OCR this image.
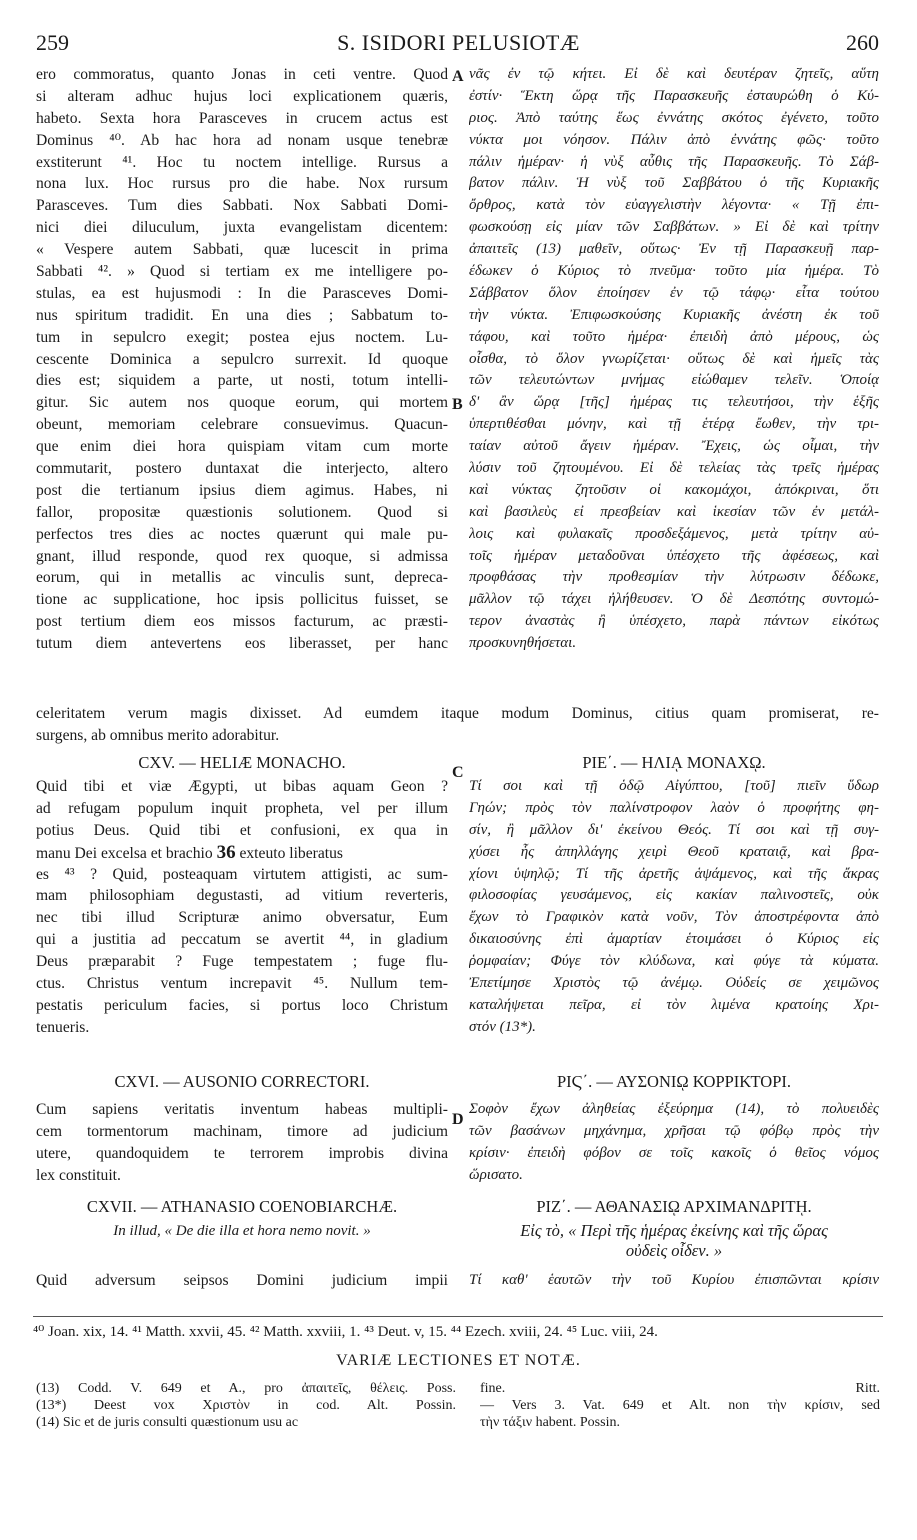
259	S. ISIDORI PELUSIOTÆ	260
ero commoratus, quanto Jonas in ceti ventre. Quod
si alteram adhuc hujus loci explicationem quæris,
habeto. Sexta hora Parasceves in crucem actus est
Dominus ⁴⁰. Ab hac hora ad nonam usque tenebræ
exstiterunt ⁴¹. Hoc tu noctem intellige. Rursus a
nona lux. Hoc rursus pro die habe. Nox rursum
Parasceves. Tum dies Sabbati. Nox Sabbati Domi-
nici diei diluculum, juxta evangelistam dicentem:
« Vespere autem Sabbati, quæ lucescit in prima
Sabbati ⁴². » Quod si tertiam ex me intelligere po-
stulas, ea est hujusmodi : In die Parasceves Domi-
nus spiritum tradidit. En una dies ; Sabbatum to-
tum in sepulcro exegit; postea ejus noctem. Lu-
cescente Dominica a sepulcro surrexit. Id quoque
dies est; siquidem a parte, ut nosti, totum intelli-
gitur. Sic autem nos quoque eorum, qui mortem
obeunt, memoriam celebrare consuevimus. Quacun-
que enim diei hora quispiam vitam cum morte
commutarit, postero duntaxat die interjecto, altero
post die tertianum ipsius diem agimus. Habes, ni
fallor, propositæ quæstionis solutionem. Quod si
perfectos tres dies ac noctes quærunt qui male pu-
gnant, illud responde, quod rex quoque, si admissa
eorum, qui in metallis ac vinculis sunt, depreca-
tione ac supplicatione, hoc ipsis pollicitus fuisset, se
post tertium diem eos missos facturum, ac præsti-
tutum diem antevertens eos liberasset, per hanc
νᾶς ἐν τῷ κήτει. Εἰ δὲ καὶ δευτέραν ζητεῖς, αὕτη
ἐστίν· Ἕκτη ὥρᾳ τῆς Παρασκευῆς ἐσταυρώθη ὁ Κύ-
ριος. Ἀπὸ ταύτης ἕως ἐννάτης σκότος ἐγένετο, τοῦτο
νύκτα μοι νόησον. Πάλιν ἀπὸ ἐννάτης φῶς· τοῦτο
πάλιν ἡμέραν· ἡ νὺξ αὖθις τῆς Παρασκευῆς. Τὸ Σάβ-
βατον πάλιν. Ἡ νὺξ τοῦ Σαββάτου ὁ τῆς Κυριακῆς
ὄρθρος, κατὰ τὸν εὐαγγελιστὴν λέγοντα· « Τῇ ἐπι-
φωσκούσῃ εἰς μίαν τῶν Σαββάτων. » Εἰ δὲ καὶ τρίτην
ἀπαιτεῖς (13) μαθεῖν, οὕτως· Ἐν τῇ Παρασκευῇ παρ-
έδωκεν ὁ Κύριος τὸ πνεῦμα· τοῦτο μία ἡμέρα. Τὸ
Σάββατον ὅλον ἐποίησεν ἐν τῷ τάφῳ· εἶτα τούτου
τὴν νύκτα. Ἐπιφωσκούσης Κυριακῆς ἀνέστη ἐκ τοῦ
τάφου, καὶ τοῦτο ἡμέρα· ἐπειδὴ ἀπὸ μέρους, ὡς
οἶσθα, τὸ ὅλον γνωρίζεται· οὕτως δὲ καὶ ἡμεῖς τὰς
τῶν τελευτώντων μνήμας εἰώθαμεν τελεῖν. Ὁποίᾳ
δ' ἂν ὥρᾳ [τῆς] ἡμέρας τις τελευτήσοι, τὴν ἑξῆς
ὑπερτιθέσθαι μόνην, καὶ τῇ ἑτέρᾳ ἔωθεν, τὴν τρι-
ταίαν αὐτοῦ ἄγειν ἡμέραν. Ἔχεις, ὡς οἶμαι, τὴν
λύσιν τοῦ ζητουμένου. Εἰ δὲ τελείας τὰς τρεῖς ἡμέρας
καὶ νύκτας ζητοῦσιν οἱ κακομάχοι, ἀπόκριναι, ὅτι
καὶ βασιλεὺς εἰ πρεσβείαν καὶ ἱκεσίαν τῶν ἐν μετάλ-
λοις καὶ φυλακαῖς προσδεξάμενος, μετὰ τρίτην αὐ-
τοῖς ἡμέραν μεταδοῦναι ὑπέσχετο τῆς ἀφέσεως, καὶ
προφθάσας τὴν προθεσμίαν τὴν λύτρωσιν δέδωκε,
μᾶλλον τῷ τάχει ἠλήθευσεν. Ὁ δὲ Δεσπότης συντομώ-
τερον ἀναστὰς ἢ ὑπέσχετο, παρὰ πάντων εἰκότως
προσκυνηθήσεται.
A
B
C
D
celeritatem verum magis dixisset. Ad eumdem itaque modum Dominus, citius quam promiserat, re-
surgens, ab omnibus merito adorabitur.
CXV. — HELIÆ MONACHO.	ΡΙΕ΄. — ΗΛΙᾼ ΜΟΝΑΧῼ.
Quid tibi et viæ Ægypti, ut bibas aquam Geon ?
ad refugam populum inquit propheta, vel per illum
potius Deus. Quid tibi et confusioni, ex qua in
manu Dei excelsa et brachio 36 exteuto liberatus
es ⁴³ ? Quid, posteaquam virtutem attigisti, ac sum-
mam philosophiam degustasti, ad vitium reverteris,
nec tibi illud Scripturæ animo obversatur, Eum
qui a justitia ad peccatum se avertit ⁴⁴, in gladium
Deus præparabit ? Fuge tempestatem ; fuge flu-
ctus. Christus ventum increpavit ⁴⁵. Nullum tem-
pestatis periculum facies, si portus loco Christum
tenueris.
Τί σοι καὶ τῇ ὁδῷ Αἰγύπτου, [τοῦ] πιεῖν ὕδωρ
Γηών; πρὸς τὸν παλίνστροφον λαὸν ὁ προφήτης φη-
σίν, ἢ μᾶλλον δι' ἐκείνου Θεός. Τί σοι καὶ τῇ συγ-
χύσει ἧς ἀπηλλάγης χειρὶ Θεοῦ κραταιᾷ, καὶ βρα-
χίονι ὑψηλῷ; Τί τῆς ἀρετῆς ἁψάμενος, καὶ τῆς ἄκρας
φιλοσοφίας γευσάμενος, εἰς κακίαν παλινοστεῖς, οὐκ
ἔχων τὸ Γραφικὸν κατὰ νοῦν, Τὸν ἀποστρέφοντα ἀπὸ
δικαιοσύνης ἐπὶ ἁμαρτίαν ἑτοιμάσει ὁ Κύριος εἰς
ῥομφαίαν; Φύγε τὸν κλύδωνα, καὶ φύγε τὰ κύματα.
Ἐπετίμησε Χριστὸς τῷ ἀνέμῳ. Οὐδείς σε χειμῶνος
καταλήψεται πεῖρα, εἰ τὸν λιμένα κρατοίης Χρι-
στόν (13*).
CXVI. — AUSONIO CORRECTORI.	ΡΙϚ΄. — ΑΥΣΟΝΙῼ ΚΟΡΡΙΚΤΟΡΙ.
Cum sapiens veritatis inventum habeas multipli-
cem tormentorum machinam, timore ad judicium
utere, quandoquidem te terrorem improbis divina
lex constituit.
Σοφὸν ἔχων ἀληθείας ἐξεύρημα (14), τὸ πολυειδὲς
τῶν βασάνων μηχάνημα, χρῆσαι τῷ φόβῳ πρὸς τὴν
κρίσιν· ἐπειδὴ φόβον σε τοῖς κακοῖς ὁ θεῖος νόμος
ὥρισατο.
CXVII. — ATHANASIO COENOBIARCHÆ.	ΡΙΖ΄. — ΑΘΑΝΑΣΙῼ ΑΡΧΙΜΑΝΔΡΙΤῌ.
In illud, « De die illa et hora nemo novit. »	Εἰς τὸ, « Περὶ τῆς ἡμέρας ἐκείνης καὶ τῆς ὥρας
οὐδεὶς οἶδεν. »
Quid adversum seipsos Domini judicium impii Τί καθ' ἑαυτῶν τὴν τοῦ Κυρίου ἐπισπῶνται κρίσιν
⁴⁰ Joan. xix, 14. ⁴¹ Matth. xxvii, 45. ⁴² Matth. xxviii, 1. ⁴³ Deut. v, 15. ⁴⁴ Ezech. xviii, 24. ⁴⁵ Luc. viii, 24.
VARIÆ LECTIONES ET NOTÆ.
(13) Codd. V. 649 et A., pro ἀπαιτεῖς, θέλεις. Poss.
(13*) Deest vox Χριστὸν in cod. Alt. Possin.
(14) Sic et de juris consulti quæstionum usu ac
fine. Ritt.
— Vers 3. Vat. 649 et Alt. non τὴν κρίσιν, sed
τὴν τάξιν habent. Possin.
